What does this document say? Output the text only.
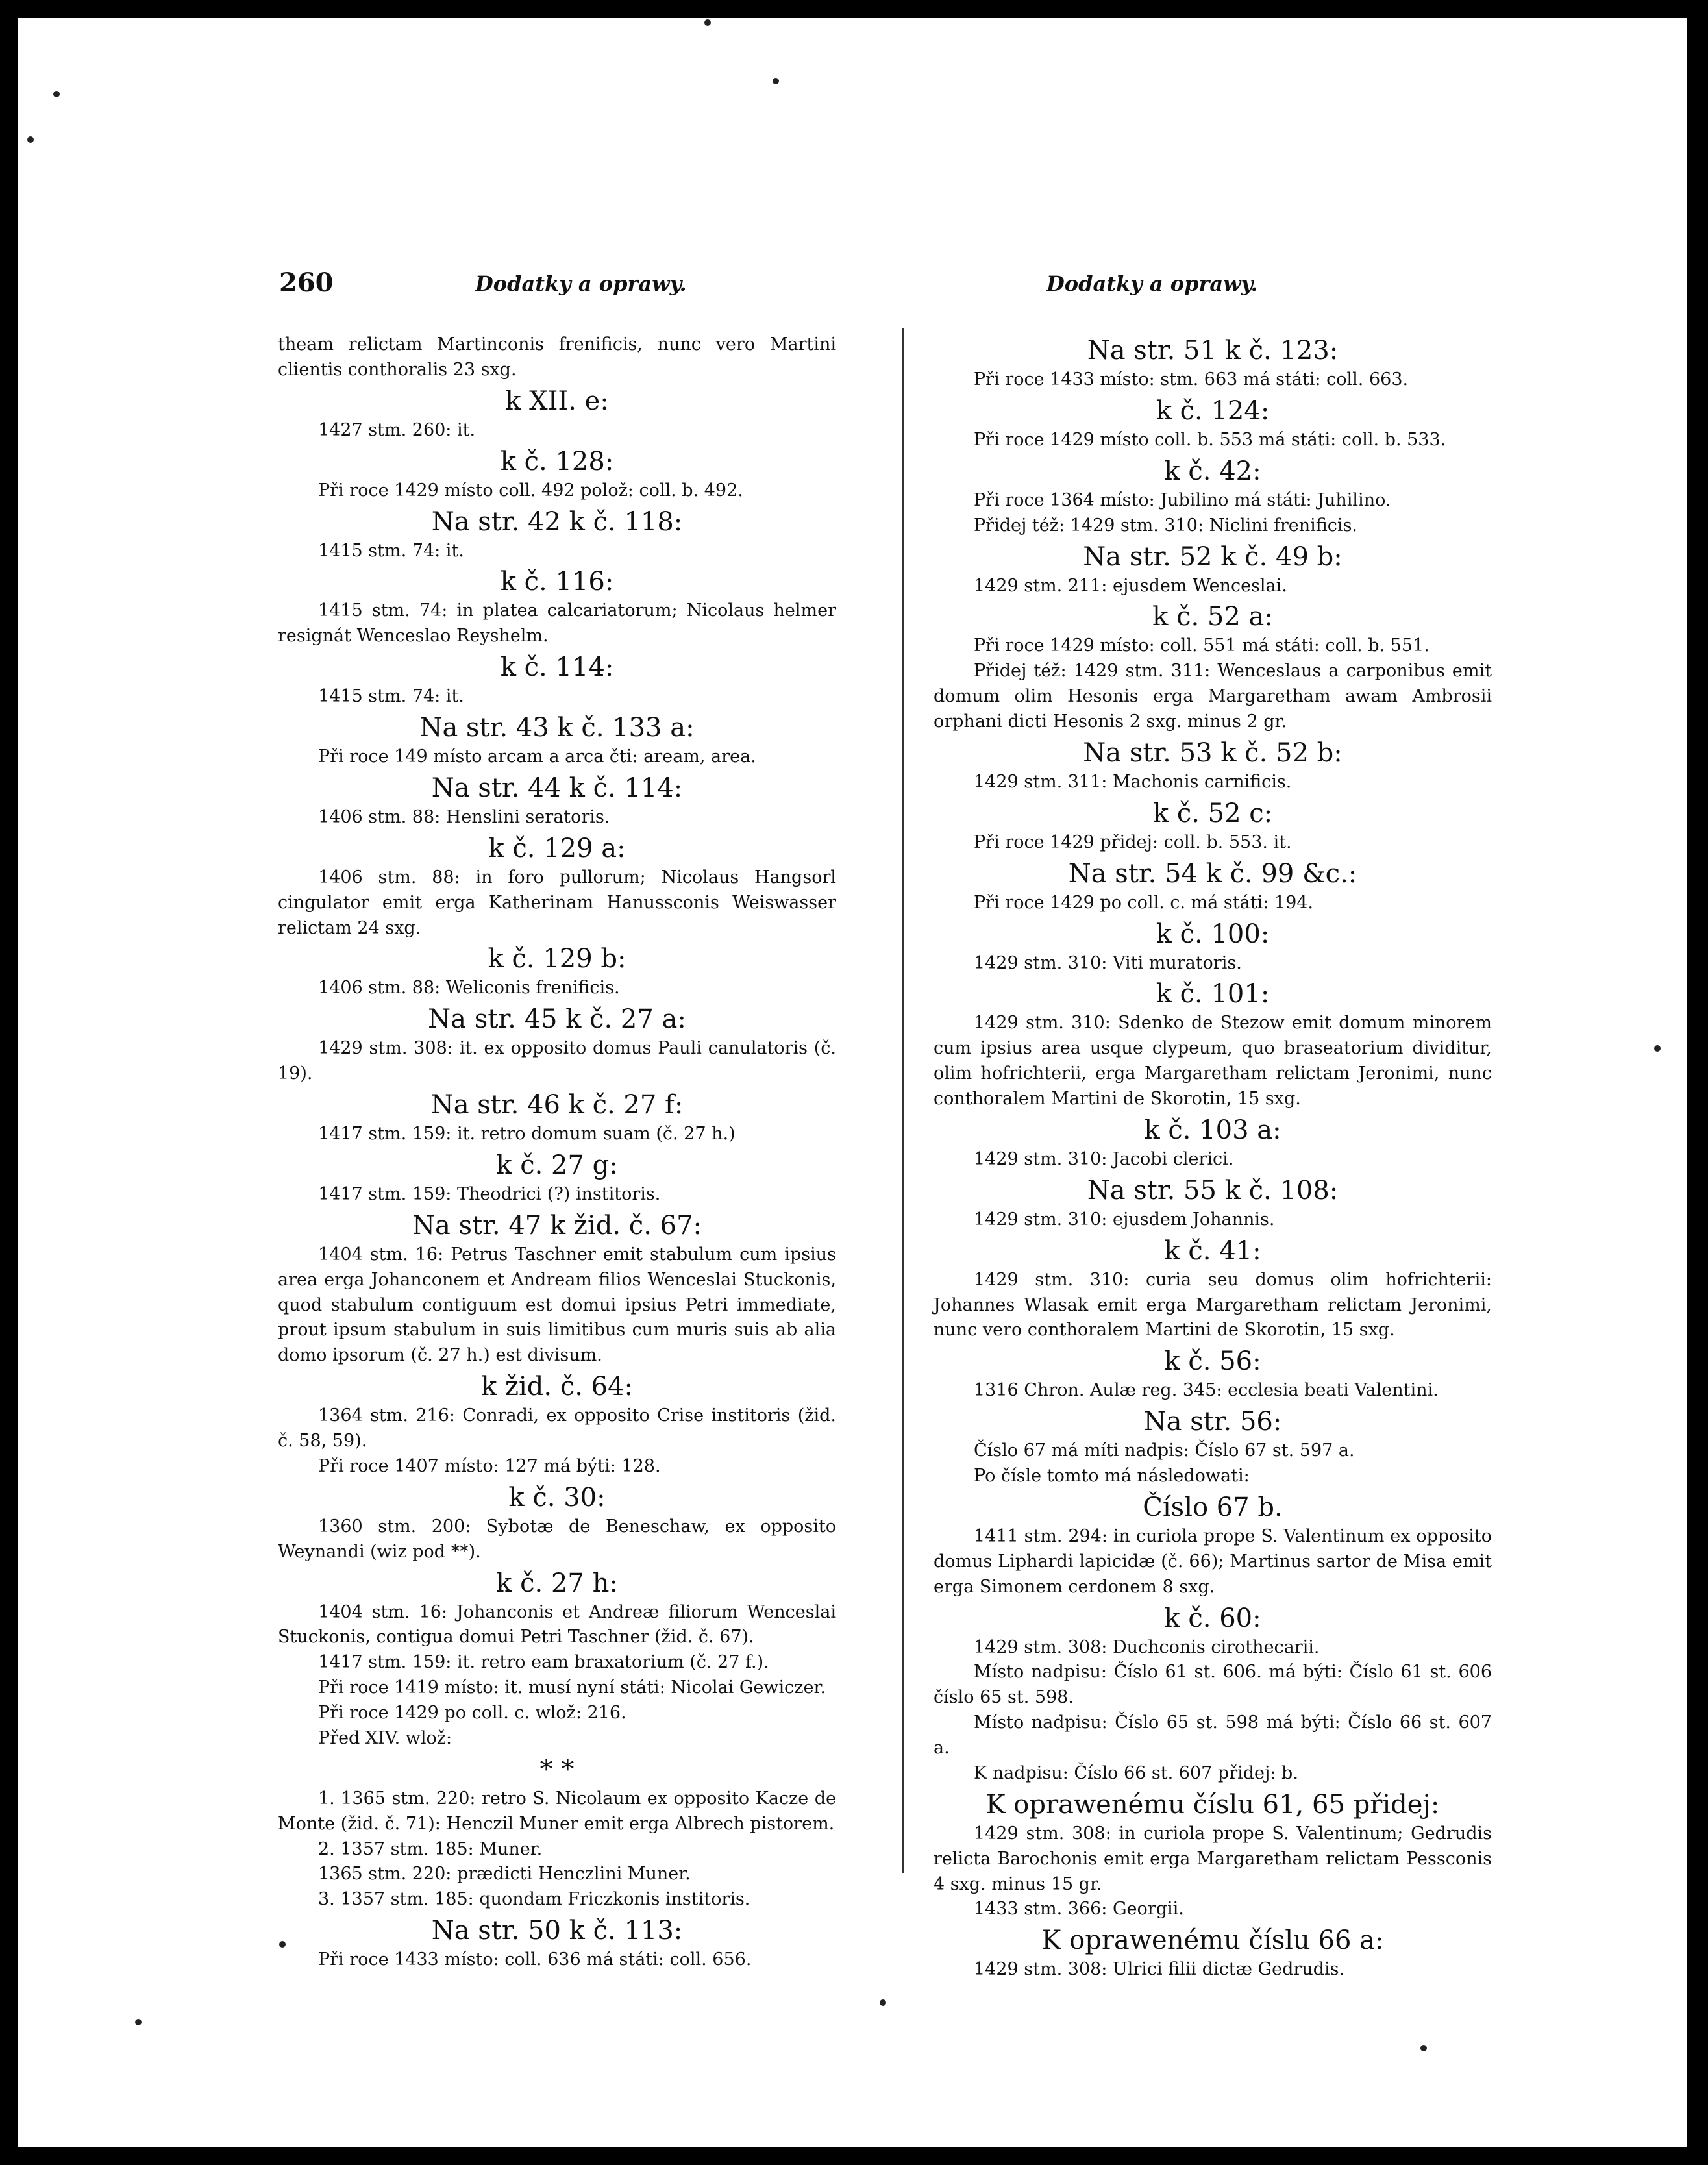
260	Dodatky a oprawy.	Dodatky a oprawy.

theam relictam Martinconis frenificis, nunc vero Martini clientis conthoralis 23 sxg.

k XII. e:

1427 stm. 260: it.

k č. 128:

Při roce 1429 místo coll. 492 polož: coll. b. 492.

Na str. 42 k č. 118:

1415 stm. 74: it.

k č. 116:

1415 stm. 74: in platea calcariatorum; Nicolaus helmer resignát Wenceslao Reyshelm.

k č. 114:

1415 stm. 74: it.

Na str. 43 k č. 133 a:

Při roce 149 místo arcam a arca čti: aream, area.

Na str. 44 k č. 114:

1406 stm. 88: Henslini seratoris.

k č. 129 a:

1406 stm. 88: in foro pullorum; Nicolaus Hangsorl cingulator emit erga Katherinam Hanussconis Weiswasser relictam 24 sxg.

k č. 129 b:

1406 stm. 88: Weliconis frenificis.

Na str. 45 k č. 27 a:

1429 stm. 308: it. ex opposito domus Pauli canulatoris (č. 19).

Na str. 46 k č. 27 f:

1417 stm. 159: it. retro domum suam (č. 27 h.)

k č. 27 g:

1417 stm. 159: Theodrici (?) institoris.

Na str. 47 k žid. č. 67:

1404 stm. 16: Petrus Taschner emit stabulum cum ipsius area erga Johanconem et Andream filios Wenceslai Stuckonis, quod stabulum contiguum est domui ipsius Petri immediate, prout ipsum stabulum in suis limitibus cum muris suis ab alia domo ipsorum (č. 27 h.) est divisum.

k žid. č. 64:

1364 stm. 216: Conradi, ex opposito Crise institoris (žid. č. 58, 59).

Při roce 1407 místo: 127 má býti: 128.

k č. 30:

1360 stm. 200: Sybotæ de Beneschaw, ex opposito Weynandi (wiz pod **).

k č. 27 h:

1404 stm. 16: Johanconis et Andreæ filiorum Wenceslai Stuckonis, contigua domui Petri Taschner (žid. č. 67).

1417 stm. 159: it. retro eam braxatorium (č. 27 f.).

Při roce 1419 místo: it. musí nyní státi: Nicolai Gewiczer.

Při roce 1429 po coll. c. wlož: 216.

Před XIV. wlož:

* *

1. 1365 stm. 220: retro S. Nicolaum ex opposito Kacze de Monte (žid. č. 71): Henczil Muner emit erga Albrech pistorem.

2. 1357 stm. 185: Muner.

1365 stm. 220: prædicti Henczlini Muner.

3. 1357 stm. 185: quondam Friczkonis institoris.

Na str. 50 k č. 113:

Při roce 1433 místo: coll. 636 má státi: coll. 656.

Na str. 51 k č. 123:

Při roce 1433 místo: stm. 663 má státi: coll. 663.

k č. 124:

Při roce 1429 místo coll. b. 553 má státi: coll. b. 533.

k č. 42:

Při roce 1364 místo: Jubilino má státi: Juhilino.

Přidej též: 1429 stm. 310: Niclini frenificis.

Na str. 52 k č. 49 b:

1429 stm. 211: ejusdem Wenceslai.

k č. 52 a:

Při roce 1429 místo: coll. 551 má státi: coll. b. 551.

Přidej též: 1429 stm. 311: Wenceslaus a carponibus emit domum olim Hesonis erga Margaretham awam Ambrosii orphani dicti Hesonis 2 sxg. minus 2 gr.

Na str. 53 k č. 52 b:

1429 stm. 311: Machonis carnificis.

k č. 52 c:

Při roce 1429 přidej: coll. b. 553. it.

Na str. 54 k č. 99 &c.:

Při roce 1429 po coll. c. má státi: 194.

k č. 100:

1429 stm. 310: Viti muratoris.

k č. 101:

1429 stm. 310: Sdenko de Stezow emit domum minorem cum ipsius area usque clypeum, quo braseatorium dividitur, olim hofrichterii, erga Margaretham relictam Jeronimi, nunc conthoralem Martini de Skorotin, 15 sxg.

k č. 103 a:

1429 stm. 310: Jacobi clerici.

Na str. 55 k č. 108:

1429 stm. 310: ejusdem Johannis.

k č. 41:

1429 stm. 310: curia seu domus olim hofrichterii: Johannes Wlasak emit erga Margaretham relictam Jeronimi, nunc vero conthoralem Martini de Skorotin, 15 sxg.

k č. 56:

1316 Chron. Aulæ reg. 345: ecclesia beati Valentini.

Na str. 56:

Číslo 67 má míti nadpis: Číslo 67 st. 597 a.

Po čísle tomto má následowati:

Číslo 67 b.

1411 stm. 294: in curiola prope S. Valentinum ex opposito domus Liphardi lapicidæ (č. 66); Martinus sartor de Misa emit erga Simonem cerdonem 8 sxg.

k č. 60:

1429 stm. 308: Duchconis cirothecarii.

Místo nadpisu: Číslo 61 st. 606. má býti: Číslo 61 st. 606 číslo 65 st. 598.

Místo nadpisu: Číslo 65 st. 598 má býti: Číslo 66 st. 607 a.

K nadpisu: Číslo 66 st. 607 přidej: b.

K oprawenému číslu 61, 65 přidej:

1429 stm. 308: in curiola prope S. Valentinum; Gedrudis relicta Barochonis emit erga Margaretham relictam Pessconis 4 sxg. minus 15 gr.

1433 stm. 366: Georgii.

K oprawenému číslu 66 a:

1429 stm. 308: Ulrici filii dictæ Gedrudis.
